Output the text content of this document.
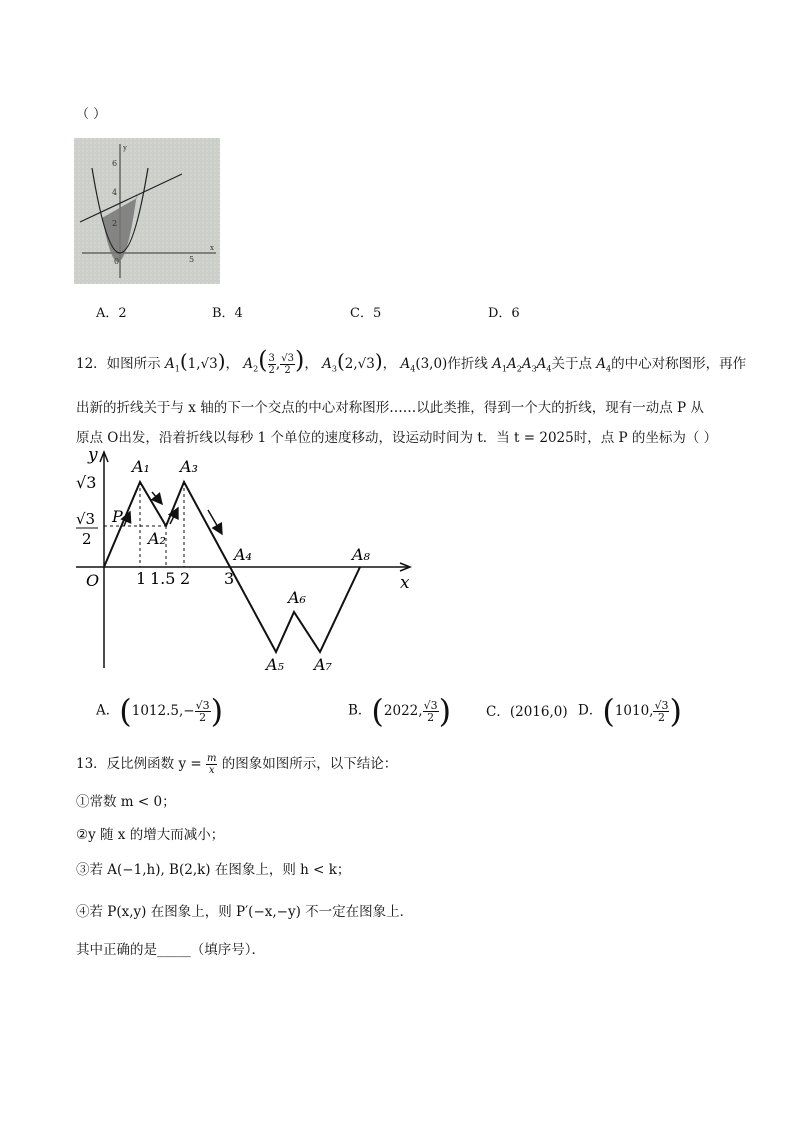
（ ）
6
4
2
0	5
y
x
A．2	B．4	C．5	D．6
12．如图所示 $A_1(1,√3)$， $A_2( \frac{3}{2}$ , $\frac{√3}{2}$ )， $A_3(2,√3)$， $A_4(3,0)$作折线 $A_1A_2A_3A_4$关于点 $A_4$的中心对称图形，再作
出新的折线关于与 x 轴的下一个交点的中心对称图形……以此类推，得到一个大的折线，现有一动点 P 从
原点 O出发，沿着折线以每秒 1 个单位的速度移动，设运动时间为 t．当 t = 2025时，点 P 的坐标为（ ）
y
x
O
P
A₁
A₂
A₃
A₄
A₅
A₆
A₇
A₈
1 1.5 2 3
√3
√3
2
A．($1012.5,- \frac{√3}{2}$ )	B．(2022, $\frac{√3}{2}$ )	C．(2016,0) D．(1010, $\frac{√3}{2}$ )
13．反比例函数 $y = \frac{m}{x}$ 的图象如图所示，以下结论：
①常数 m < 0；
②y 随 x 的增大而减小；
③若 A(−1,h), B(2,k) 在图象上，则 h < k；
④若 P(x,y) 在图象上，则 P′(−x,−y) 不一定在图象上．
其中正确的是_____（填序号）．
